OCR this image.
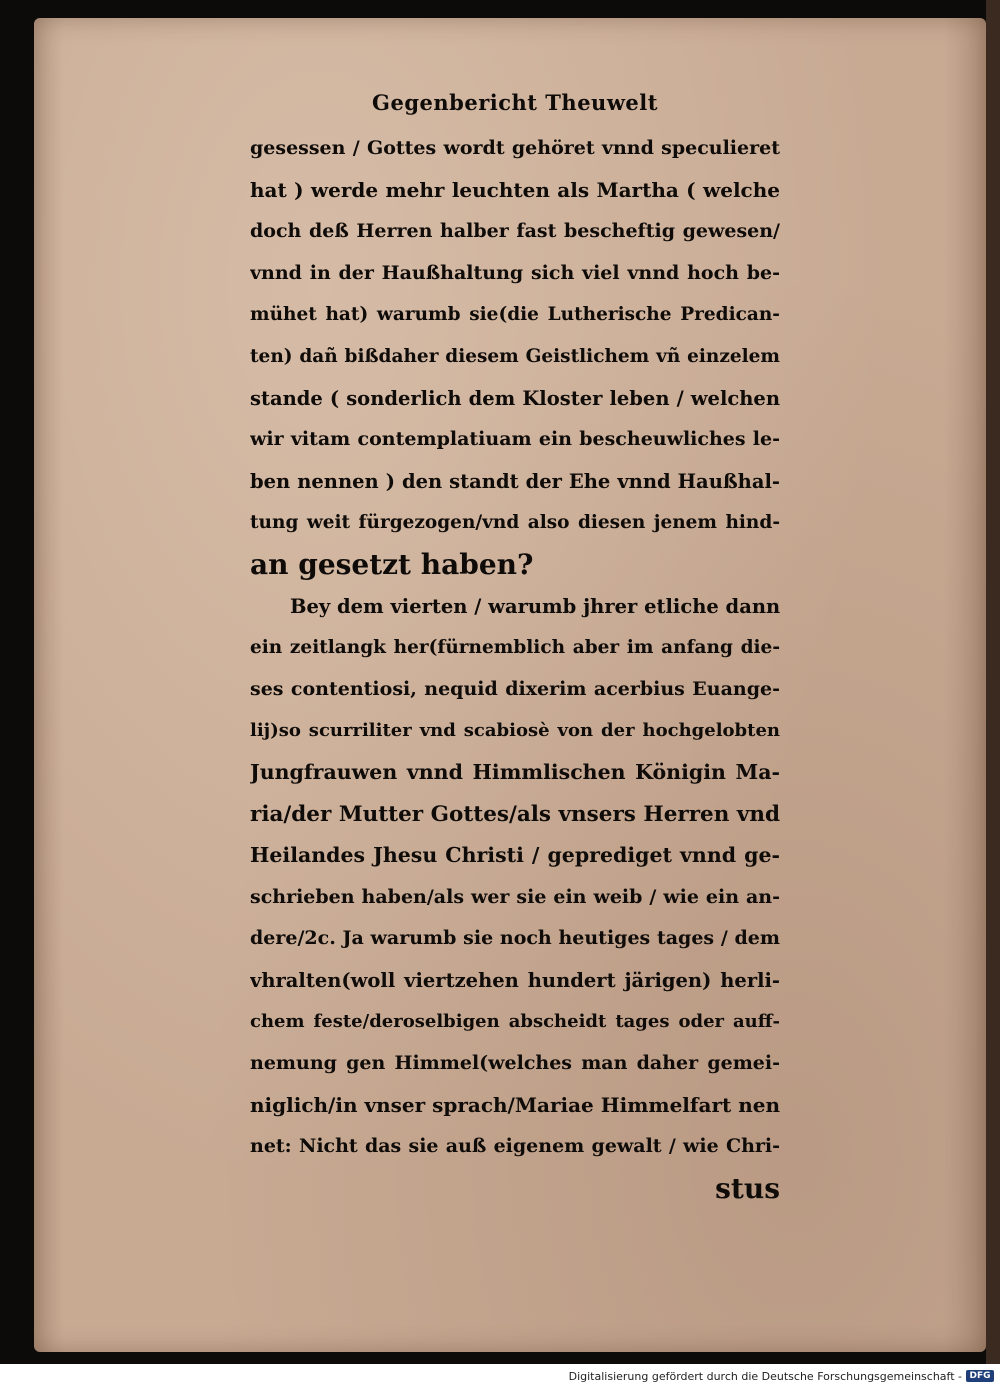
Gegenbericht Theuwelt
gesessen / Gottes wordt gehöret vnnd speculieret
hat ) werde mehr leuchten als Martha ( welche
doch deß Herren halber fast bescheftig gewesen/
vnnd in der Haußhaltung sich viel vnnd hoch be-
mühet hat) warumb sie(die Lutherische Predican-
ten) dañ bißdaher diesem Geistlichem vñ einzelem
stande ( sonderlich dem Kloster leben / welchen
wir vitam contemplatiuam ein bescheuwliches le-
ben nennen ) den standt der Ehe vnnd Haußhal-
tung weit fürgezogen/vnd also diesen jenem hind-
an gesetzt haben?
Bey dem vierten / warumb jhrer etliche dann
ein zeitlangk her(fürnemblich aber im anfang die-
ses contentiosi, nequid dixerim acerbius Euange-
lij)so scurriliter vnd scabiosè von der hochgelobten
Jungfrauwen vnnd Himmlischen Königin Ma-
ria/der Mutter Gottes/als vnsers Herren vnd
Heilandes Jhesu Christi / geprediget vnnd ge-
schrieben haben/als wer sie ein weib / wie ein an-
dere/2c. Ja warumb sie noch heutiges tages / dem
vhralten(woll viertzehen hundert järigen) herli-
chem feste/deroselbigen abscheidt tages oder auff-
nemung gen Himmel(welches man daher gemei-
niglich/in vnser sprach/Mariae Himmelfart nen
net: Nicht das sie auß eigenem gewalt / wie Chri-
stus
Digitalisierung gefördert durch die Deutsche Forschungsgemeinschaft - DFG
